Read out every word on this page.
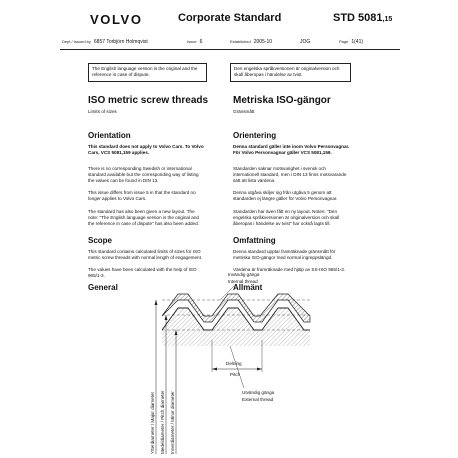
VOLVO	Corporate Standard	STD 5081,15
Dept / Issued by 6857 Torbjörn Holmqvist	Issue 6	Established 2005-10	JOG	Page 1(41)
The English language version is the original and the reference in case of dispute.
Den engelska språkversionen är originalversion och skall åberopas i händelse av tvist.
ISO metric screw threads
Limits of sizes
Metriska ISO-gängor
Gränsmått
Orientation	Orientering
This standard does not apply to Volvo Cars. To Volvo Cars, VCS 5081,159 applies.
Denna standard gäller inte inom Volvo Personvagnar. För Volvo Personvagnar gäller VCS 5081,159.
There is no corresponding Swedish or international standard available but the corresponding way of listing the values can be found in DIN 13.
Standarden saknar motsvarighet i svensk och internationell standard, men i DIN 13 finns motsvarande sätt att lista värdena.
This issue differs from issue 5 in that the standard no longer applies to Volvo Cars.
Denna utgåva skiljer sig från utgåva 5 genom att standarden ej längre gäller för Volvo Personvagnar.
The standard has also been given a new layout. The note: "The English language version is the original and the reference in case of dispute" has also been added.
Standarden har även fått en ny layout. Noten: "Den engelska språkversionen är originalversion och skall åberopas i händelse av tvist" har också lagts till.
Scope	Omfattning
This standard contains calculated limits of sizes for ISO metric screw threads with normal length of engagement.
Denna standard upptar framräknade gränsmått för metriska ISO-gängor med normal ingreppslängd.
The values have been calculated with the help of ISO 965/1-3.
Värdena är framräknade med hjälp av SS-ISO 965/1-3.
General	Allmänt
Invändig gänga
Internal thread
Delning
Pitch
Utvändig gänga
External thread
Ytterdiameter / Major diameter Medeldiameter / Pitch diameter Innerdiameter / Minor diameter
